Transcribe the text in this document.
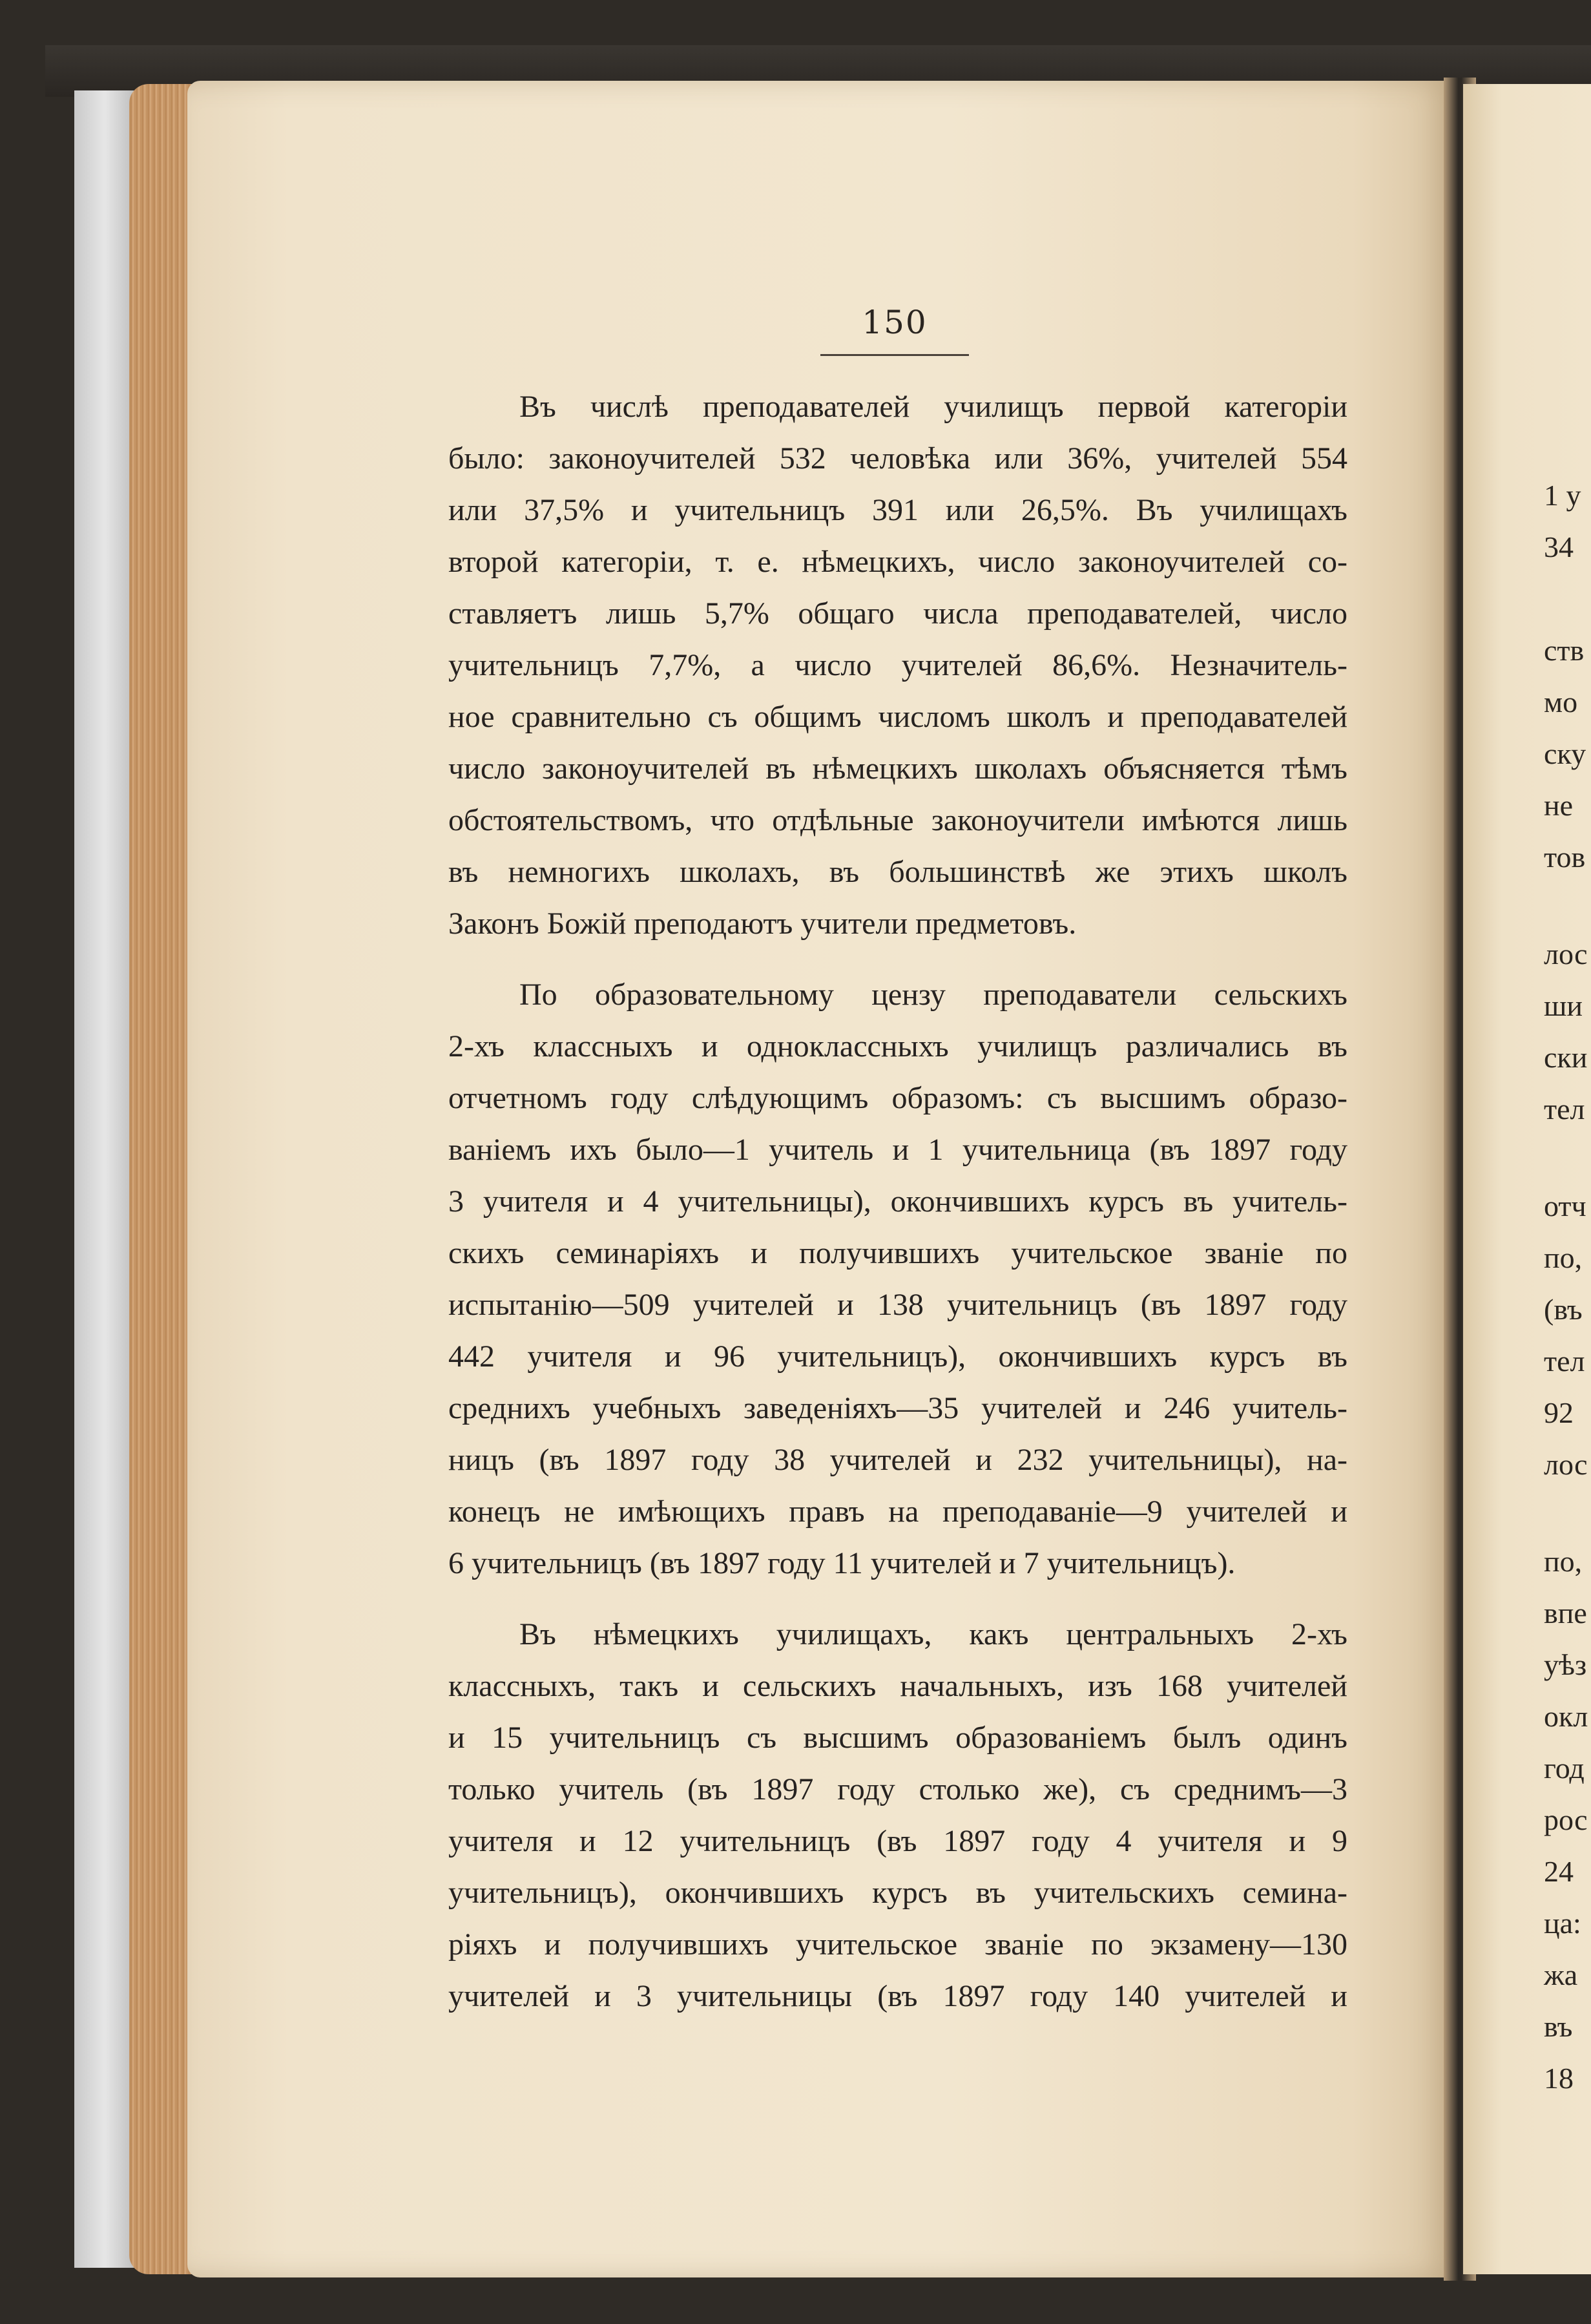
150
Въ числѣ преподавателей училищъ первой категоріи
было: законоучителей 532 человѣка или 36%, учителей 554
или 37,5% и учительницъ 391 или 26,5%. Въ училищахъ
второй категоріи, т. е. нѣмецкихъ, число законоучителей со-
ставляетъ лишь 5,7% общаго числа преподавателей, число
учительницъ 7,7%, а число учителей 86,6%. Незначитель-
ное сравнительно съ общимъ числомъ школъ и преподавателей
число законоучителей въ нѣмецкихъ школахъ объясняется тѣмъ
обстоятельствомъ, что отдѣльные законоучители имѣются лишь
въ немногихъ школахъ, въ большинствѣ же этихъ школъ
Законъ Божій преподаютъ учители предметовъ.
По образовательному цензу преподаватели сельскихъ
2-хъ классныхъ и одноклассныхъ училищъ различались въ
отчетномъ году слѣдующимъ образомъ: съ высшимъ образо-
ваніемъ ихъ было—1 учитель и 1 учительница (въ 1897 году
3 учителя и 4 учительницы), окончившихъ курсъ въ учитель-
скихъ семинаріяхъ и получившихъ учительское званіе по
испытанію—509 учителей и 138 учительницъ (въ 1897 году
442 учителя и 96 учительницъ), окончившихъ курсъ въ
среднихъ учебныхъ заведеніяхъ—35 учителей и 246 учитель-
ницъ (въ 1897 году 38 учителей и 232 учительницы), на-
конецъ не имѣющихъ правъ на преподаваніе—9 учителей и
6 учительницъ (въ 1897 году 11 учителей и 7 учительницъ).
Въ нѣмецкихъ училищахъ, какъ центральныхъ 2-хъ
классныхъ, такъ и сельскихъ начальныхъ, изъ 168 учителей
и 15 учительницъ съ высшимъ образованіемъ былъ одинъ
только учитель (въ 1897 году столько же), съ среднимъ—3
учителя и 12 учительницъ (въ 1897 году 4 учителя и 9
учительницъ), окончившихъ курсъ въ учительскихъ семина-
ріяхъ и получившихъ учительское званіе по экзамену—130
учителей и 3 учительницы (въ 1897 году 140 учителей и
1 у
34
ств
мо
ску
не
тов
лос
ши
ски
тел
отч
по,
(въ
тел
92
лос
по,
впе
уѣз
окл
год
рос
24
ца:
жа
въ
18
